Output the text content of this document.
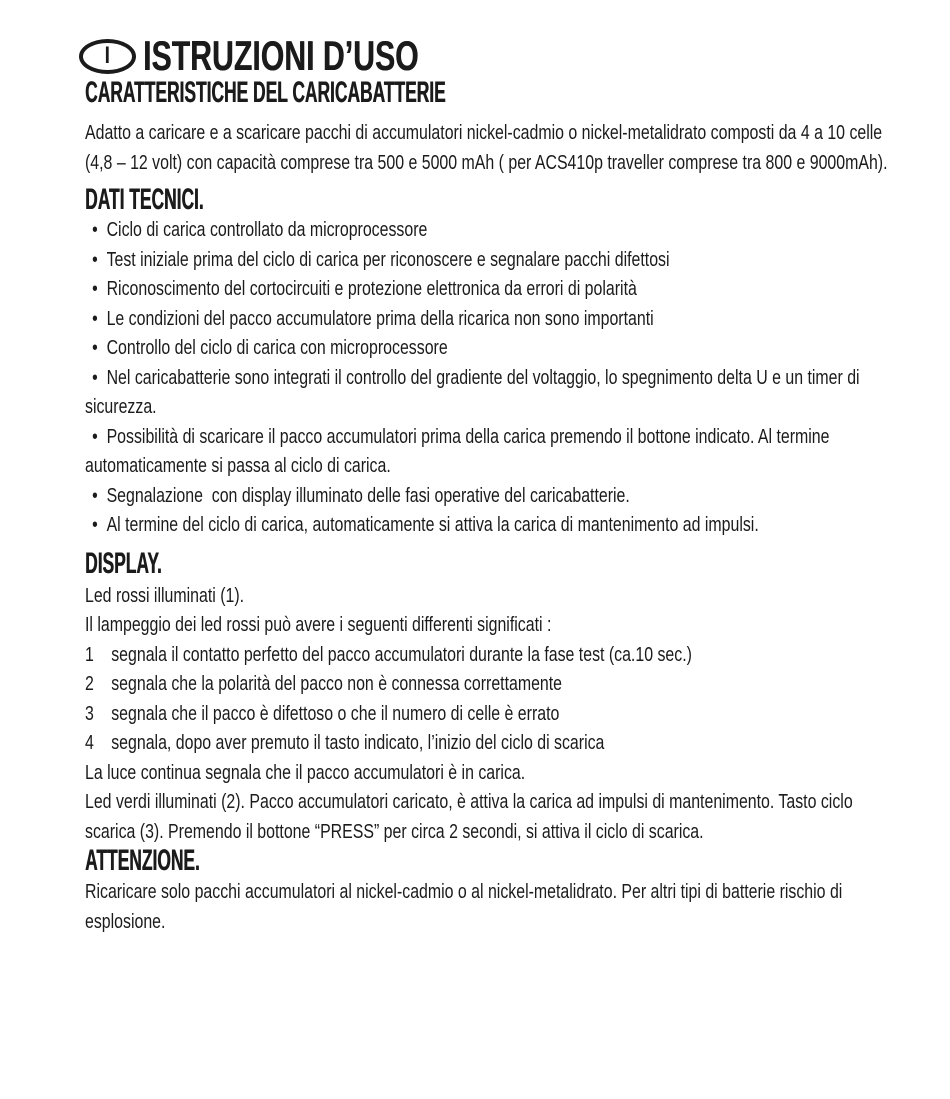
I ISTRUZIONI D’USO
CARATTERISTICHE DEL CARICABATTERIE
Adatto a caricare e a scaricare pacchi di accumulatori nickel-cadmio o nickel-metalidrato composti da 4 a 10 celle (4,8 – 12 volt) con capacità comprese tra 500 e 5000 mAh ( per ACS410p traveller comprese tra 800 e 9000mAh).
DATI TECNICI.
•  Ciclo di carica controllato da microprocessore
•  Test iniziale prima del ciclo di carica per riconoscere e segnalare pacchi difettosi
•  Riconoscimento del cortocircuiti e protezione elettronica da errori di polarità
•  Le condizioni del pacco accumulatore prima della ricarica non sono importanti
•  Controllo del ciclo di carica con microprocessore
•  Nel caricabatterie sono integrati il controllo del gradiente del voltaggio, lo spegnimento delta U e un timer di sicurezza.
•  Possibilità di scaricare il pacco accumulatori prima della carica premendo il bottone indicato. Al termine automaticamente si passa al ciclo di carica.
•  Segnalazione  con display illuminato delle fasi operative del caricabatterie.
•  Al termine del ciclo di carica, automaticamente si attiva la carica di mantenimento ad impulsi.
DISPLAY.
Led rossi illuminati (1).
Il lampeggio dei led rossi può avere i seguenti differenti significati :
1 segnala il contatto perfetto del pacco accumulatori durante la fase test (ca.10 sec.)
2 segnala che la polarità del pacco non è connessa correttamente
3 segnala che il pacco è difettoso o che il numero di celle è errato
4 segnala, dopo aver premuto il tasto indicato, l’inizio del ciclo di scarica
La luce continua segnala che il pacco accumulatori è in carica.
Led verdi illuminati (2). Pacco accumulatori caricato, è attiva la carica ad impulsi di mantenimento. Tasto ciclo scarica (3). Premendo il bottone “PRESS” per circa 2 secondi, si attiva il ciclo di scarica.
ATTENZIONE.
Ricaricare solo pacchi accumulatori al nickel-cadmio o al nickel-metalidrato. Per altri tipi di batterie rischio di esplosione.
